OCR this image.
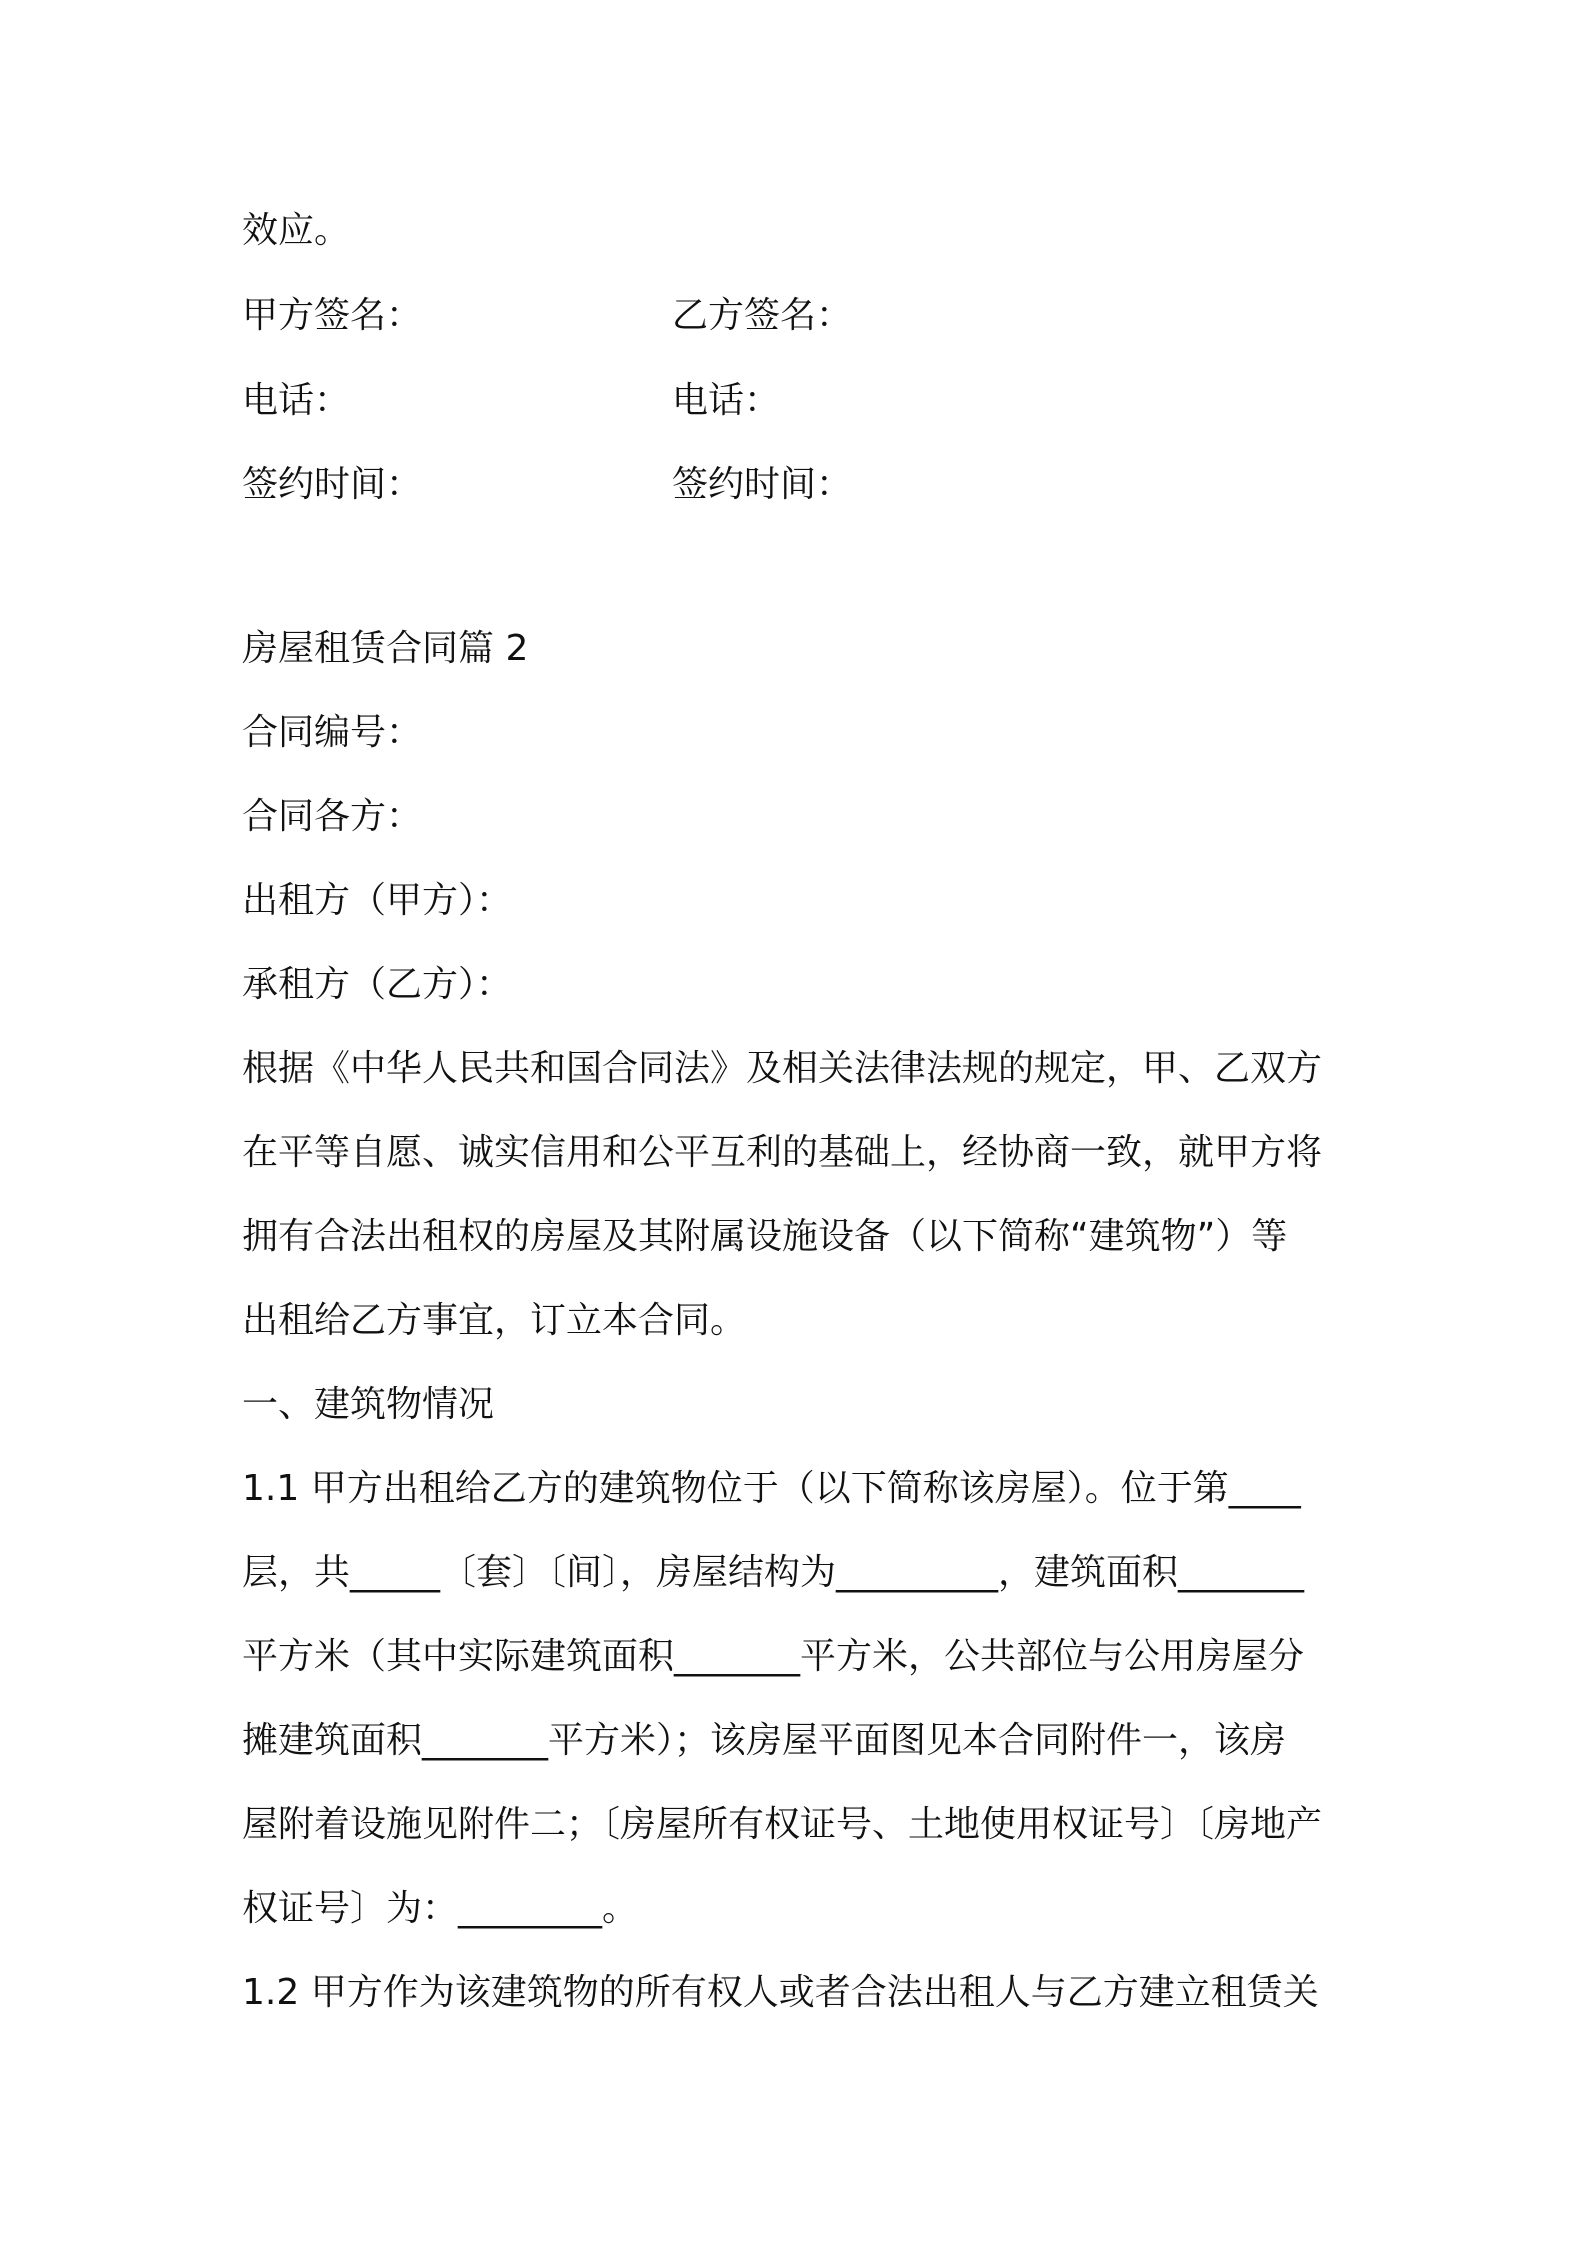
效应。
甲方签名：	乙方签名：
电话：	电话：
签约时间：	签约时间：
房屋租赁合同篇 2
合同编号：
合同各方：
出租方（甲方）：
承租方（乙方）：
根据《中华人民共和国合同法》及相关法律法规的规定，甲、乙双方
在平等自愿、诚实信用和公平互利的基础上，经协商一致，就甲方将
拥有合法出租权的房屋及其附属设施设备（以下简称“建筑物”）等
出租给乙方事宜，订立本合同。
一、建筑物情况
1.1 甲方出租给乙方的建筑物位于（以下简称该房屋）。位于第____
层，共_____〔套〕〔间〕，房屋结构为_________，建筑面积_______
平方米（其中实际建筑面积_______平方米，公共部位与公用房屋分
摊建筑面积_______平方米）；该房屋平面图见本合同附件一，该房
屋附着设施见附件二；〔房屋所有权证号、土地使用权证号〕〔房地产
权证号〕为：________。
1.2 甲方作为该建筑物的所有权人或者合法出租人与乙方建立租赁关
